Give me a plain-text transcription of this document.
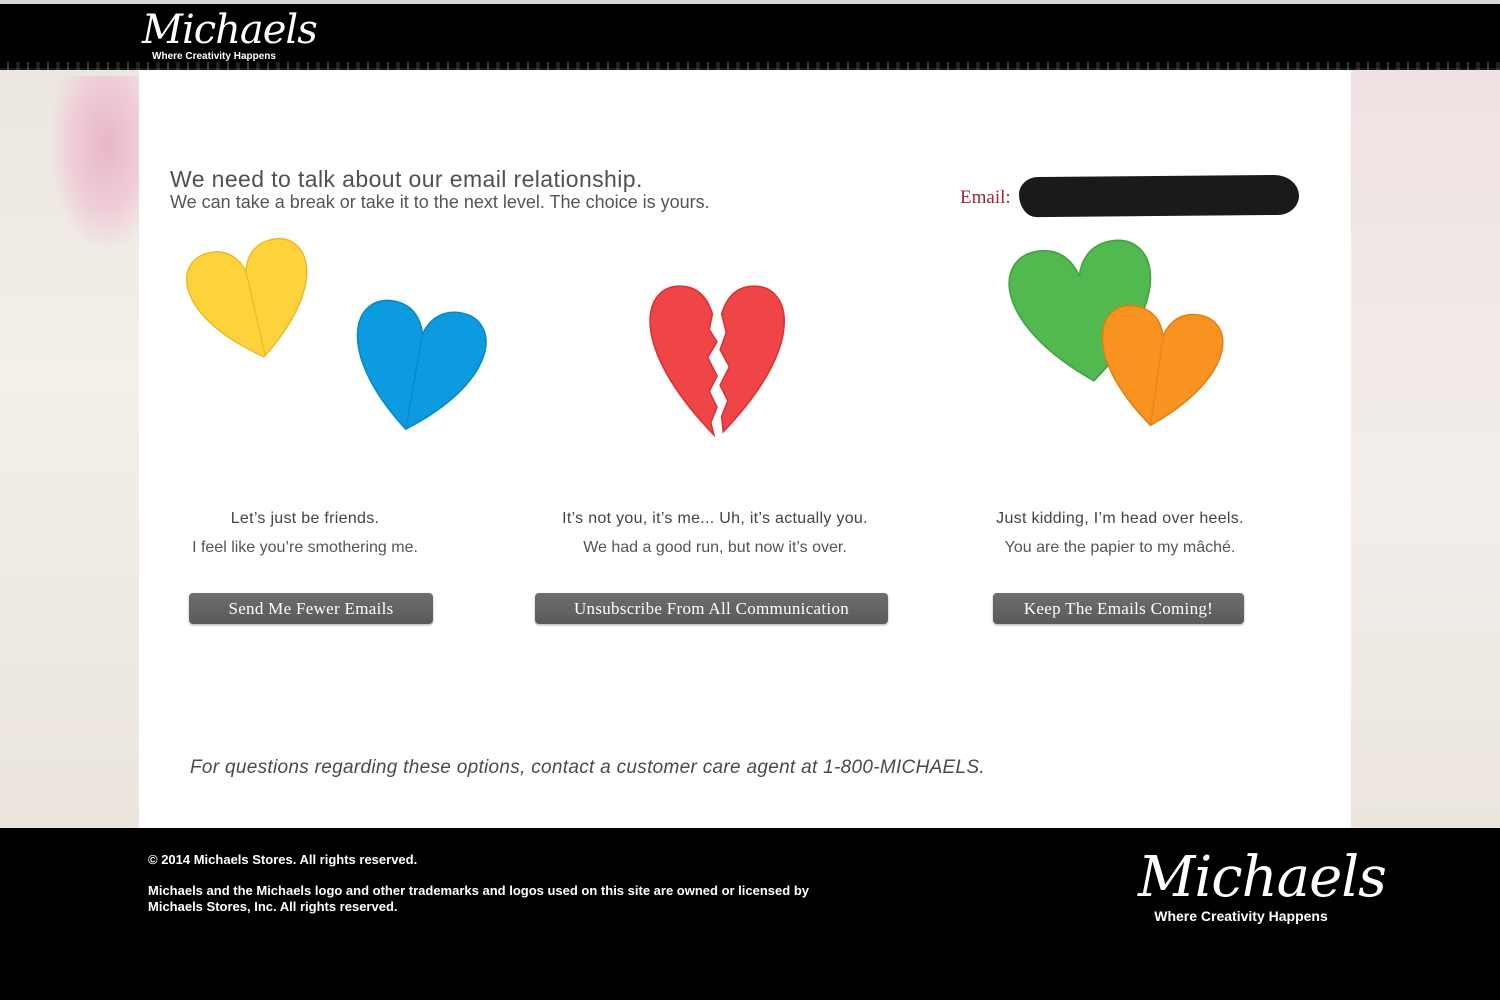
Michaels
Where Creativity Happens
We need to talk about our email relationship.

We can take a break or take it to the next level. The choice is yours.	Email:

Let’s just be friends.

I feel like you’re smothering me.

Send Me Fewer Emails

It’s not you, it’s me... Uh, it’s actually you.

We had a good run, but now it’s over.

Unsubscribe From All Communication

Just kidding, I’m head over heels.

You are the papier to my mâché.

Keep The Emails Coming!

For questions regarding these options, contact a customer care agent at 1-800-MICHAELS.

© 2014 Michaels Stores. All rights reserved.

Michaels and the Michaels logo and other trademarks and logos used on this site are owned or licensed by Michaels Stores, Inc. All rights reserved.	Michaels
Where Creativity Happens
